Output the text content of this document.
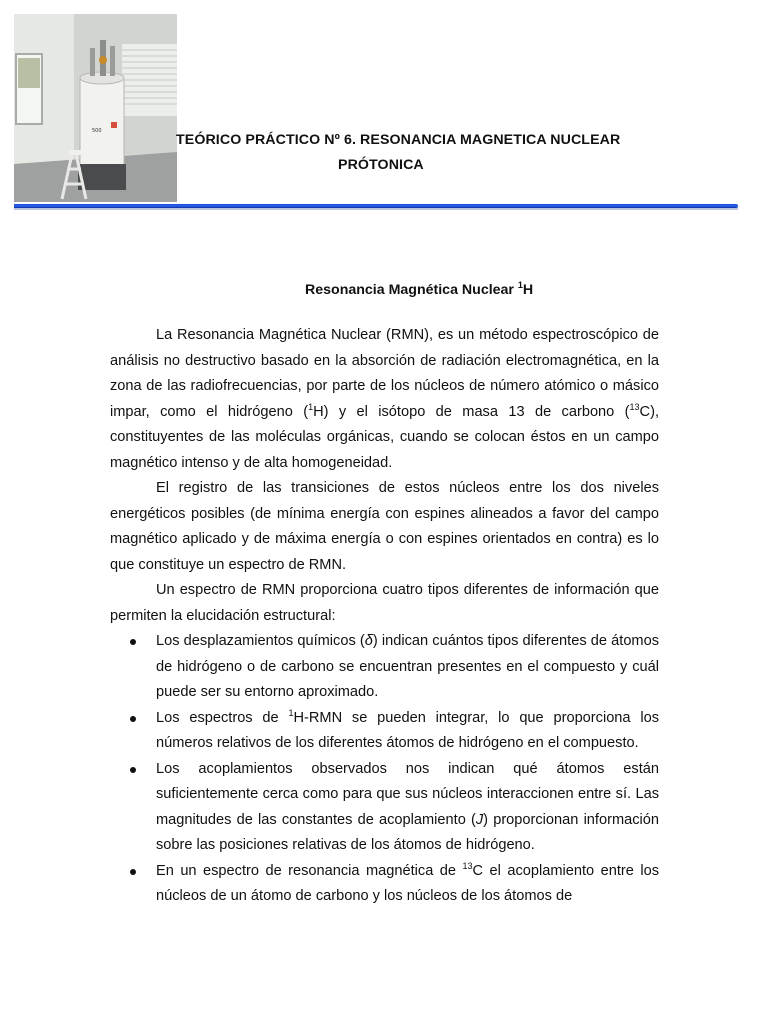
500
TEÓRICO PRÁCTICO Nº 6. RESONANCIA MAGNETICA NUCLEAR
PRÓTONICA
Resonancia Magnética Nuclear $^1$H

La Resonancia Magnética Nuclear (RMN), es un método espectroscópico de análisis no destructivo basado en la absorción de radiación electromagnética, en la zona de las radiofrecuencias, por parte de los núcleos de número atómico o másico impar, como el hidrógeno ($^1$H) y el isótopo de masa 13 de carbono ($^{13}$C), constituyentes de las moléculas orgánicas, cuando se colocan éstos en un campo magnético intenso y de alta homogeneidad.

El registro de las transiciones de estos núcleos entre los dos niveles energéticos posibles (de mínima energía con espines alineados a favor del campo magnético aplicado y de máxima energía o con espines orientados en contra) es lo que constituye un espectro de RMN.

Un espectro de RMN proporciona cuatro tipos diferentes de información que permiten la elucidación estructural:

Los desplazamientos químicos (δ) indican cuántos tipos diferentes de átomos de hidrógeno o de carbono se encuentran presentes en el compuesto y cuál puede ser su entorno aproximado.
Los espectros de $^1$H-RMN se pueden integrar, lo que proporciona los números relativos de los diferentes átomos de hidrógeno en el compuesto.
Los acoplamientos observados nos indican qué átomos están suficientemente cerca como para que sus núcleos interaccionen entre sí. Las magnitudes de las constantes de acoplamiento (J) proporcionan información sobre las posiciones relativas de los átomos de hidrógeno.
En un espectro de resonancia magnética de $^{13}$C el acoplamiento entre los núcleos de un átomo de carbono y los núcleos de los átomos de
